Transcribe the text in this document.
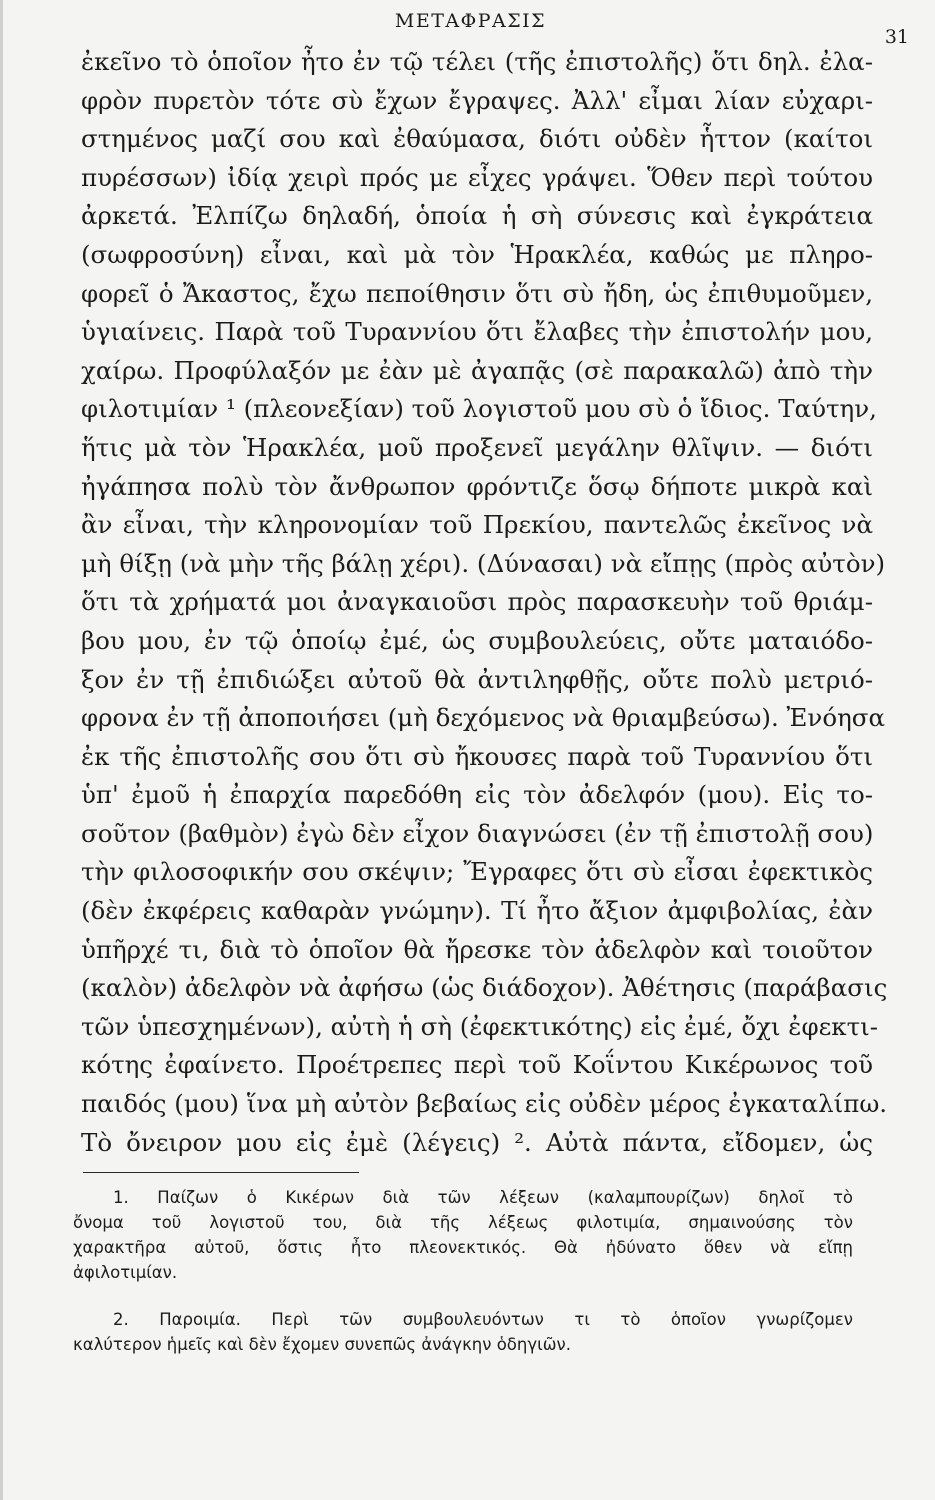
ΜΕΤΑΦΡΑΣΙΣ
31
ἐκεῖνο τὸ ὁποῖον ἦτο ἐν τῷ τέλει (τῆς ἐπιστολῆς) ὅτι δηλ. ἐλα-
φρὸν πυρετὸν τότε σὺ ἔχων ἔγραψες. Ἀλλ' εἶμαι λίαν εὐχαρι-
στημένος μαζί σου καὶ ἐθαύμασα, διότι οὐδὲν ἧττον (καίτοι
πυρέσσων) ἰδίᾳ χειρὶ πρός με εἶχες γράψει. Ὅθεν περὶ τούτου
ἀρκετά. Ἐλπίζω δηλαδή, ὁποία ἡ σὴ σύνεσις καὶ ἐγκράτεια
(σωφροσύνη) εἶναι, καὶ μὰ τὸν Ἡρακλέα, καθώς με πληρο-
φορεῖ ὁ Ἄκαστος, ἔχω πεποίθησιν ὅτι σὺ ἤδη, ὡς ἐπιθυμοῦμεν,
ὑγιαίνεις. Παρὰ τοῦ Τυραννίου ὅτι ἔλαβες τὴν ἐπιστολήν μου,
χαίρω. Προφύλαξόν με ἐὰν μὲ ἀγαπᾷς (σὲ παρακαλῶ) ἀπὸ τὴν
φιλοτιμίαν ¹ (πλεονεξίαν) τοῦ λογιστοῦ μου σὺ ὁ ἴδιος. Ταύτην,
ἥτις μὰ τὸν Ἡρακλέα, μοῦ προξενεῖ μεγάλην θλῖψιν. — διότι
ἠγάπησα πολὺ τὸν ἄνθρωπον φρόντιζε ὅσῳ δήποτε μικρὰ καὶ
ἂν εἶναι, τὴν κληρονομίαν τοῦ Πρεκίου, παντελῶς ἐκεῖνος νὰ
μὴ θίξῃ (νὰ μὴν τῆς βάλῃ χέρι). (Δύνασαι) νὰ εἴπῃς (πρὸς αὐτὸν)
ὅτι τὰ χρήματά μοι ἀναγκαιοῦσι πρὸς παρασκευὴν τοῦ θριάμ-
βου μου, ἐν τῷ ὁποίῳ ἐμέ, ὡς συμβουλεύεις, οὔτε ματαιόδο-
ξον ἐν τῇ ἐπιδιώξει αὐτοῦ θὰ ἀντιληφθῇς, οὔτε πολὺ μετριό-
φρονα ἐν τῇ ἀποποιήσει (μὴ δεχόμενος νὰ θριαμβεύσω). Ἐνόησα
ἐκ τῆς ἐπιστολῆς σου ὅτι σὺ ἤκουσες παρὰ τοῦ Τυραννίου ὅτι
ὑπ' ἐμοῦ ἡ ἐπαρχία παρεδόθη εἰς τὸν ἀδελφόν (μου). Εἰς το-
σοῦτον (βαθμὸν) ἐγὼ δὲν εἶχον διαγνώσει (ἐν τῇ ἐπιστολῇ σου)
τὴν φιλοσοφικήν σου σκέψιν; Ἔγραφες ὅτι σὺ εἶσαι ἐφεκτικὸς
(δὲν ἐκφέρεις καθαρὰν γνώμην). Τί ἦτο ἄξιον ἀμφιβολίας, ἐὰν
ὑπῆρχέ τι, διὰ τὸ ὁποῖον θὰ ἤρεσκε τὸν ἀδελφὸν καὶ τοιοῦτον
(καλὸν) ἀδελφὸν νὰ ἀφήσω (ὡς διάδοχον). Ἀθέτησις (παράβασις
τῶν ὑπεσχημένων), αὐτὴ ἡ σὴ (ἐφεκτικότης) εἰς ἐμέ, ὄχι ἐφεκτι-
κότης ἐφαίνετο. Προέτρεπες περὶ τοῦ Κοΐντου Κικέρωνος τοῦ
παιδός (μου) ἵνα μὴ αὐτὸν βεβαίως εἰς οὐδὲν μέρος ἐγκαταλίπω.
Τὸ ὄνειρον μου εἰς ἐμὲ (λέγεις) ². Αὐτὰ πάντα, εἴδομεν, ὡς
1. Παίζων ὁ Κικέρων διὰ τῶν λέξεων (καλαμπουρίζων) δηλοῖ τὸ
ὄνομα τοῦ λογιστοῦ του, διὰ τῆς λέξεως φιλοτιμία, σημαινούσης τὸν
χαρακτῆρα αὐτοῦ, ὅστις ἦτο πλεονεκτικός. Θὰ ἠδύνατο ὅθεν νὰ εἴπῃ
ἀφιλοτιμίαν.
2. Παροιμία. Περὶ τῶν συμβουλευόντων τι τὸ ὁποῖον γνωρίζομεν
καλύτερον ἡμεῖς καὶ δὲν ἔχομεν συνεπῶς ἀνάγκην ὁδηγιῶν.
